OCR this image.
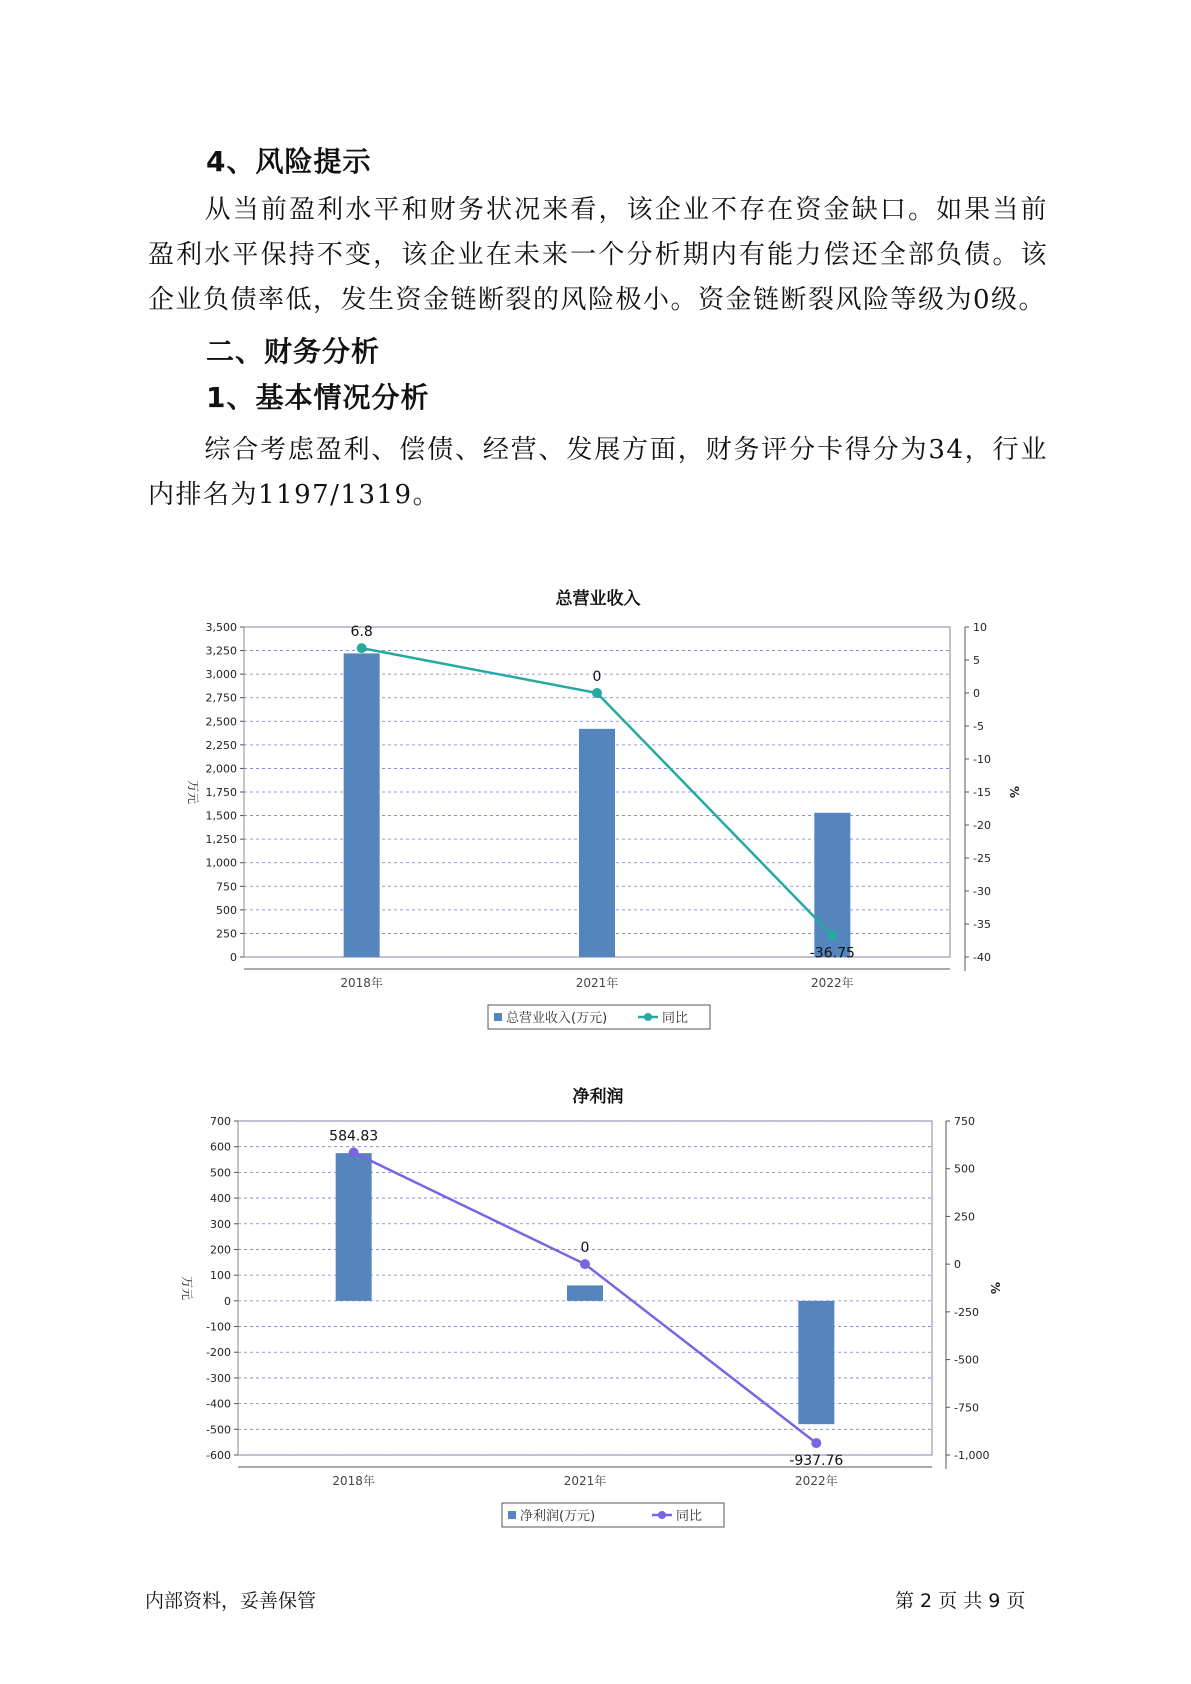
4、风险提示
从当前盈利水平和财务状况来看，该企业不存在资金缺口。如果当前盈利水平保持不变，该企业在未来一个分析期内有能力偿还全部负债。该企业负债率低，发生资金链断裂的风险极小。资金链断裂风险等级为0级。
二、财务分析
1、基本情况分析
综合考虑盈利、偿债、经营、发展方面，财务评分卡得分为34，行业内排名为1197/1319。
总营业收入
0
250
500
750
1,000
1,250
1,500
1,750
2,000
2,250
2,500
2,750
3,000
3,250
3,500
-40
-35
-30
-25
-20
-15
-10
-5
0
5
10
万元	%
2018年	2021年	2022年
6.8
0
-36.75
总营业收入(万元)	同比
净利润
-600
-500
-400
-300
-200
-100
0
100
200
300
400
500
600
700
-1,000
-750
-500
-250
0
250
500
750
万元	%
2018年	2021年	2022年
584.83
0
-937.76
净利润(万元)	同比
内部资料，妥善保管	第 2 页 共 9 页
